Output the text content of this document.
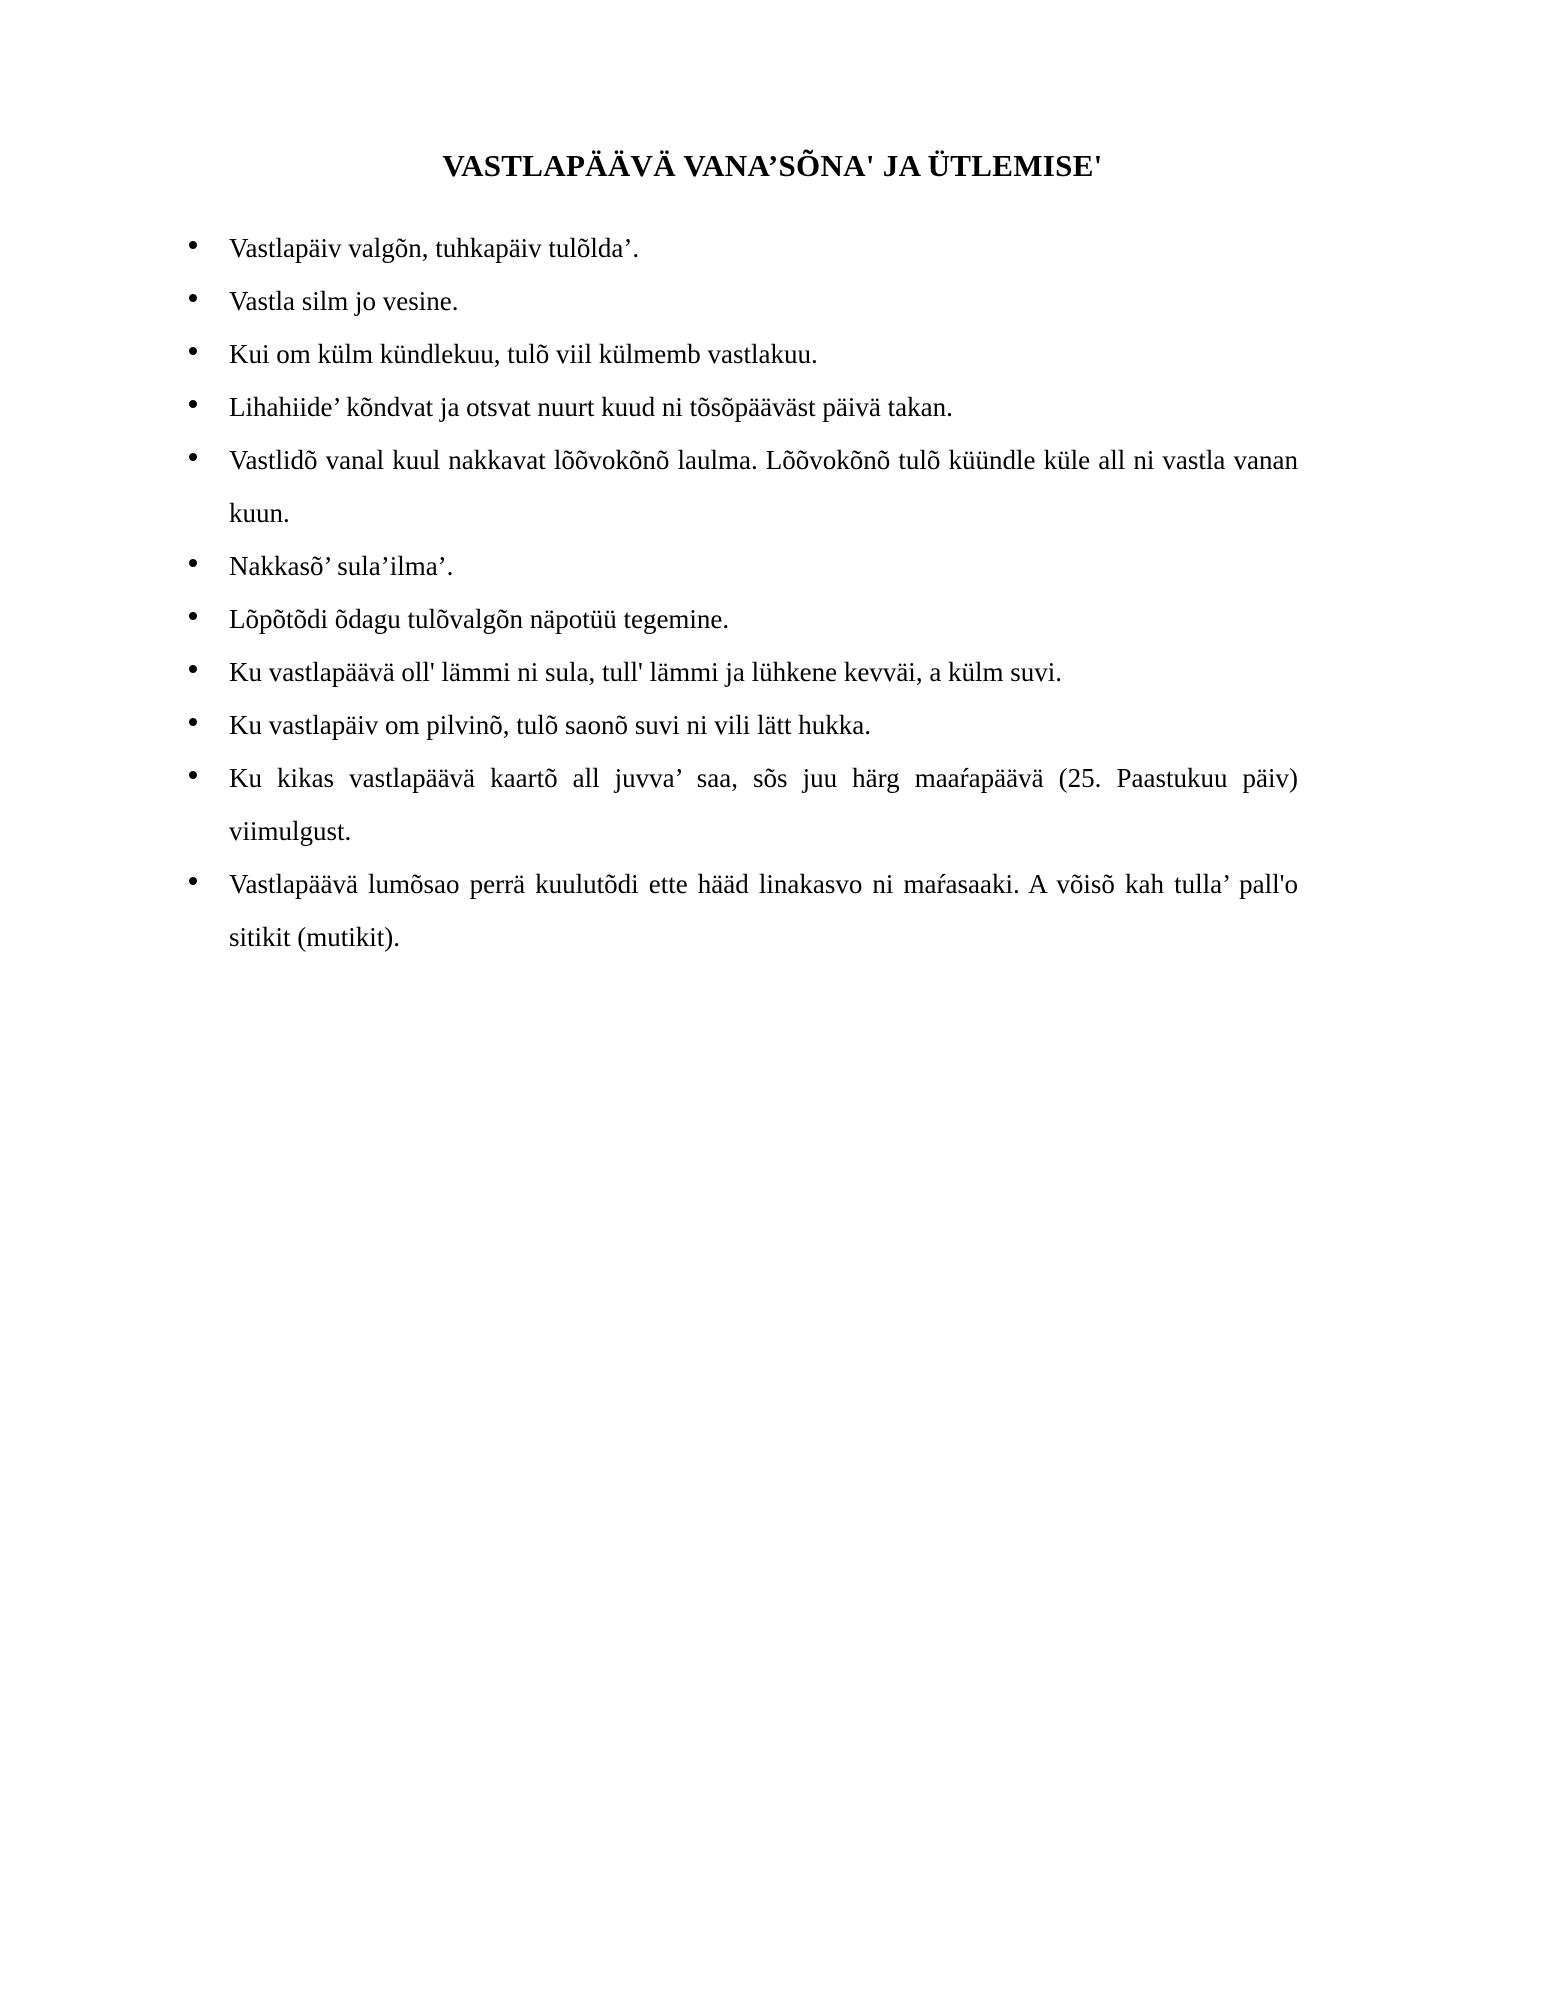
VASTLAPÄÄVÄ VANA’SÕNA' JA ÜTLEMISE'
Vastlapäiv valgõn, tuhkapäiv tulõlda’.
Vastla silm jo vesine.
Kui om külm kündlekuu, tulõ viil külmemb vastlakuu.
Lihahiide’ kõndvat ja otsvat nuurt kuud ni tõsõpääväst päivä takan.
Vastlidõ vanal kuul nakkavat lõõvokõnõ laulma. Lõõvokõnõ tulõ küündle küle all ni vastla vanan kuun.
Nakkasõ’ sula’ilma’.
Lõpõtõdi õdagu tulõvalgõn näpotüü tegemine.
Ku vastlapäävä oll' lämmi ni sula, tull' lämmi ja lühkene kevväi, a külm suvi.
Ku vastlapäiv om pilvinõ, tulõ saonõ suvi ni vili lätt hukka.
Ku kikas vastlapäävä kaartõ all juvva’ saa, sõs juu härg maaŕapäävä (25. Paastukuu päiv) viimulgust.
Vastlapäävä lumõsao perrä kuulutõdi ette hääd linakasvo ni maŕasaaki. A võisõ kah tulla’ pall'o sitikit (mutikit).
